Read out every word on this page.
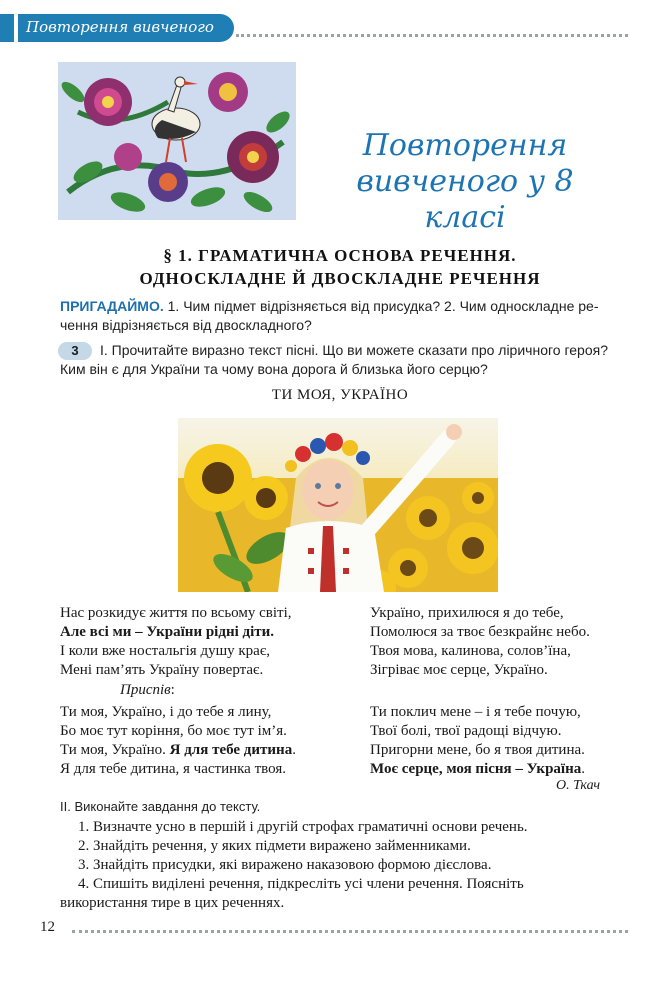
Повторення вивченого
Повторення
вивченого у 8 класі
§ 1. ГРАМАТИЧНА ОСНОВА РЕЧЕННЯ.
ОДНОСКЛАДНЕ Й ДВОСКЛАДНЕ РЕЧЕННЯ
ПРИГАДАЙМО. 1. Чим підмет відрізняється від присудка? 2. Чим односкладне ре-
чення відрізняється від двоскладного?
3	І. Прочитайте виразно текст пісні. Що ви можете сказати про ліричного героя?
Ким він є для України та чому вона дорога й близька його серцю?
ТИ МОЯ, УКРАЇНО
Нас розкидує життя по всьому світі,
Але всі ми – України рідні діти.
І коли вже ностальгія душу крає,
Мені пам’ять Україну повертає.
Приспів:
Ти моя, Україно, і до тебе я лину,
Бо моє тут коріння, бо моє тут ім’я.
Ти моя, Україно. Я для тебе дитина.
Я для тебе дитина, я частинка твоя.
Україно, прихилюся я до тебе,
Помолюся за твоє безкрайнє небо.
Твоя мова, калинова, солов’їна,
Зігріває моє серце, Україно.
Ти поклич мене – і я тебе почую,
Твої болі, твої радощі відчую.
Пригорни мене, бо я твоя дитина.
Моє серце, моя пісня – Україна.
О. Ткач
ІІ. Виконайте завдання до тексту.
1. Визначте усно в першій і другій строфах граматичні основи речень.
2. Знайдіть речення, у яких підмети виражено займенниками.
3. Знайдіть присудки, які виражено наказовою формою дієслова.
4. Спишіть виділені речення, підкресліть усі члени речення. Поясніть
використання тире в цих реченнях.
12
